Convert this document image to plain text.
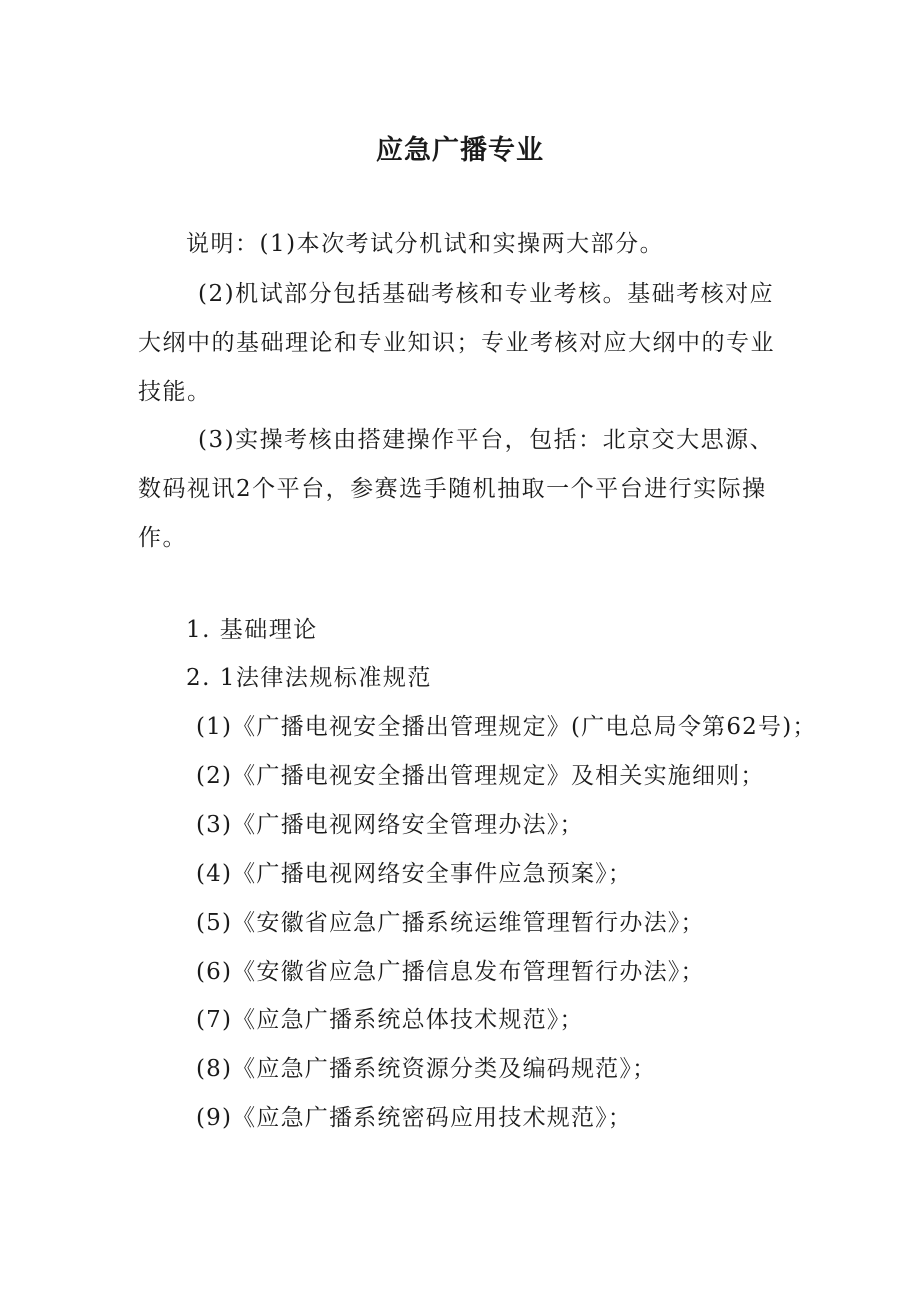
应急广播专业
说明：(1)本次考试分机试和实操两大部分。
(2)机试部分包括基础考核和专业考核。基础考核对应大纲中的基础理论和专业知识；专业考核对应大纲中的专业技能。
(3)实操考核由搭建操作平台，包括：北京交大思源、数码视讯2个平台，参赛选手随机抽取一个平台进行实际操作。
1. 基础理论
2. 1法律法规标准规范
(1)《广播电视安全播出管理规定》(广电总局令第62号)；
(2)《广播电视安全播出管理规定》及相关实施细则；
(3)《广播电视网络安全管理办法》；
(4)《广播电视网络安全事件应急预案》；
(5)《安徽省应急广播系统运维管理暂行办法》；
(6)《安徽省应急广播信息发布管理暂行办法》；
(7)《应急广播系统总体技术规范》；
(8)《应急广播系统资源分类及编码规范》；
(9)《应急广播系统密码应用技术规范》；
